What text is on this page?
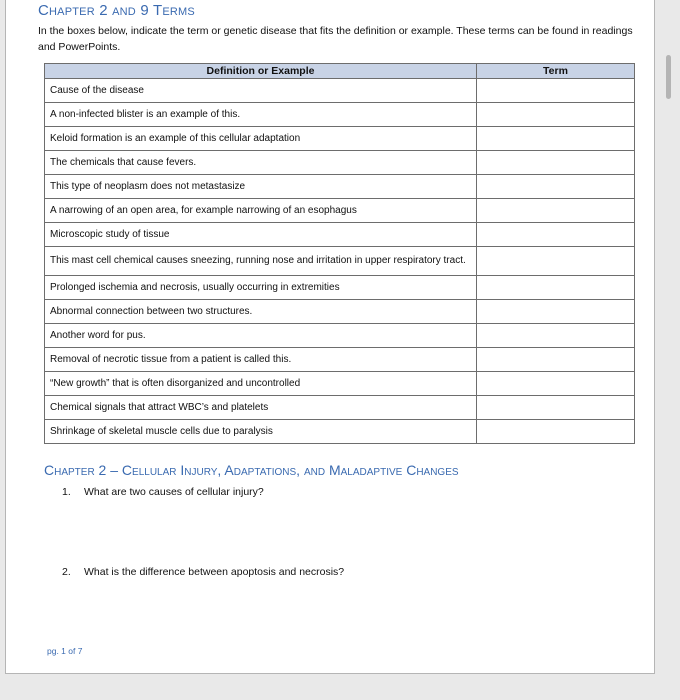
Chapter 2 and 9 Terms
In the boxes below, indicate the term or genetic disease that fits the definition or example. These terms can be found in readings and PowerPoints.
Definition or Example	Term
Cause of the disease	
A non-infected blister is an example of this.	
Keloid formation is an example of this cellular adaptation	
The chemicals that cause fevers.	
This type of neoplasm does not metastasize	
A narrowing of an open area, for example narrowing of an esophagus	
Microscopic study of tissue	
This mast cell chemical causes sneezing, running nose and irritation in upper respiratory tract.	
Prolonged ischemia and necrosis, usually occurring in extremities	
Abnormal connection between two structures.	
Another word for pus.	
Removal of necrotic tissue from a patient is called this.	
“New growth” that is often disorganized and uncontrolled	
Chemical signals that attract WBC’s and platelets	
Shrinkage of skeletal muscle cells due to paralysis	
Chapter 2 – Cellular Injury, Adaptations, and Maladaptive Changes
1. What are two causes of cellular injury?
2. What is the difference between apoptosis and necrosis?
pg. 1 of 7
